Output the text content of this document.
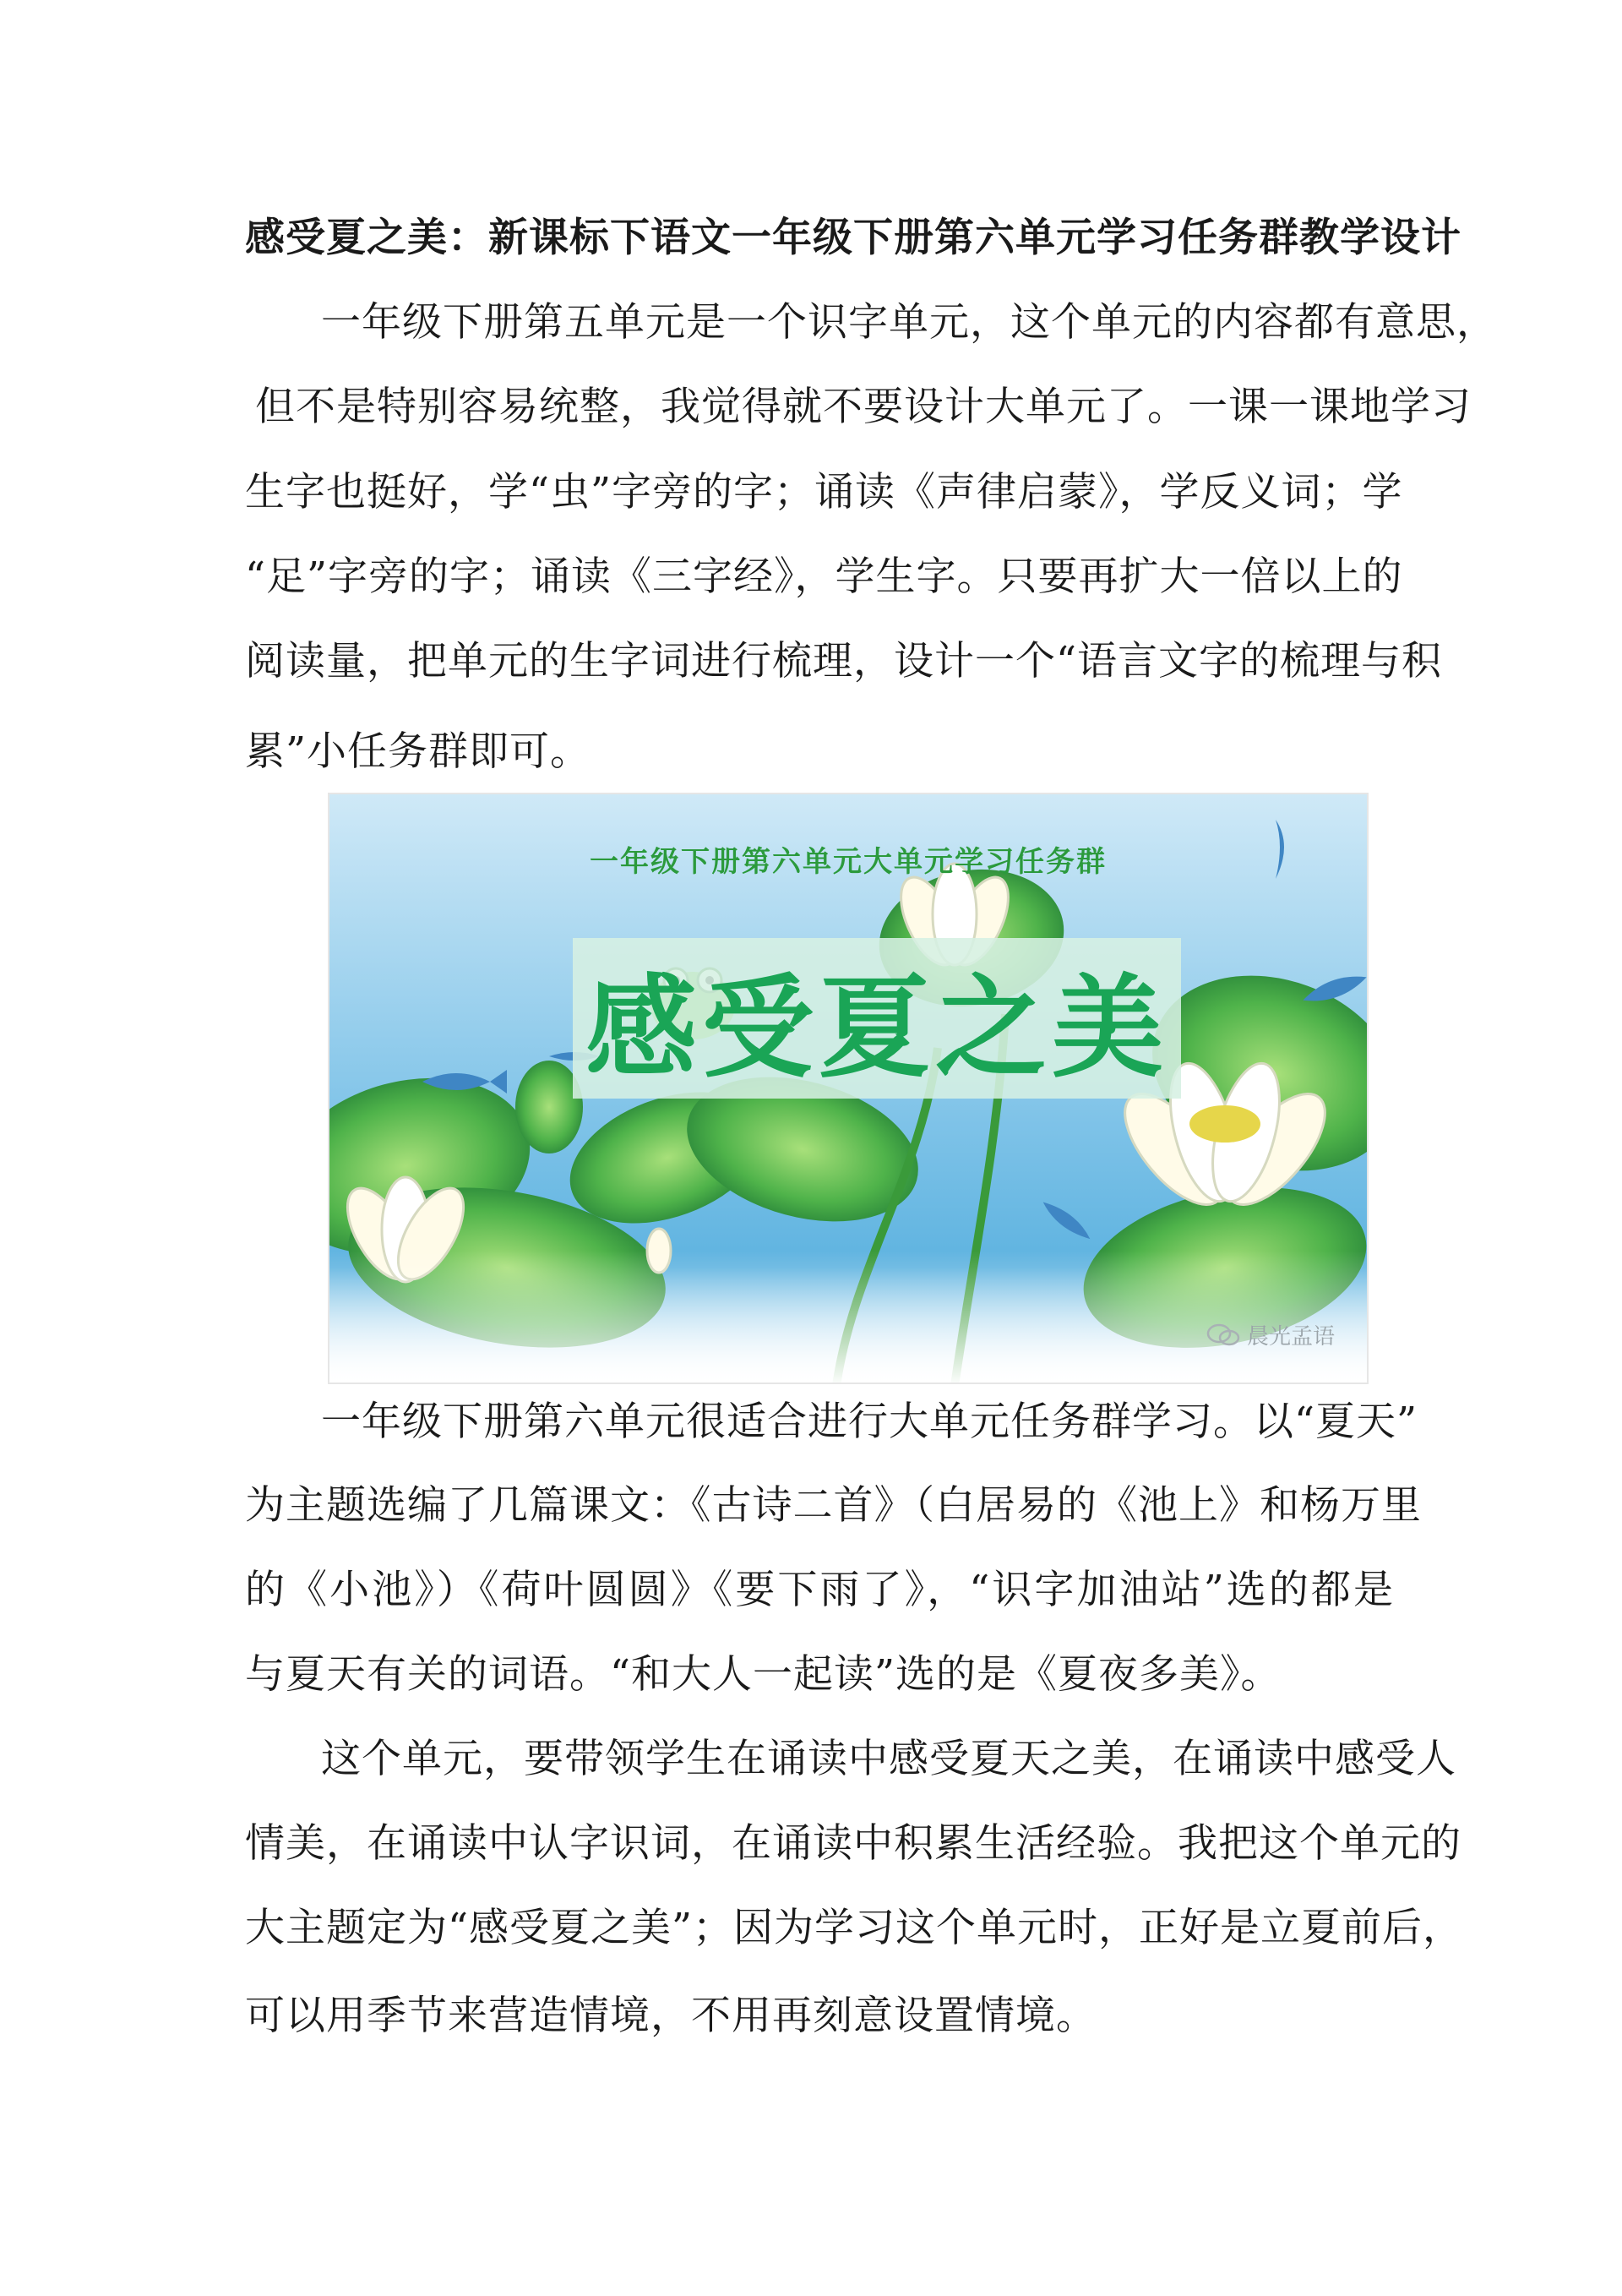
感受夏之美：新课标下语文一年级下册第六单元学习任务群教学设计
一年级下册第五单元是一个识字单元，这个单元的内容都有意思，
但不是特别容易统整，我觉得就不要设计大单元了。一课一课地学习
生字也挺好，学“虫”字旁的字；诵读《声律启蒙》，学反义词；学
“足”字旁的字；诵读《三字经》，学生字。只要再扩大一倍以上的
阅读量，把单元的生字词进行梳理，设计一个“语言文字的梳理与积
累”小任务群即可。
一年级下册第六单元大单元学习任务群
感受夏之美
晨光孟语
一年级下册第六单元很适合进行大单元任务群学习。以“夏天”
为主题选编了几篇课文：《古诗二首》（白居易的《池上》和杨万里
的《小池》）《荷叶圆圆》《要下雨了》，“识字加油站”选的都是
与夏天有关的词语。“和大人一起读”选的是《夏夜多美》。
这个单元，要带领学生在诵读中感受夏天之美，在诵读中感受人
情美，在诵读中认字识词，在诵读中积累生活经验。我把这个单元的
大主题定为“感受夏之美”；因为学习这个单元时，正好是立夏前后，
可以用季节来营造情境，不用再刻意设置情境。
